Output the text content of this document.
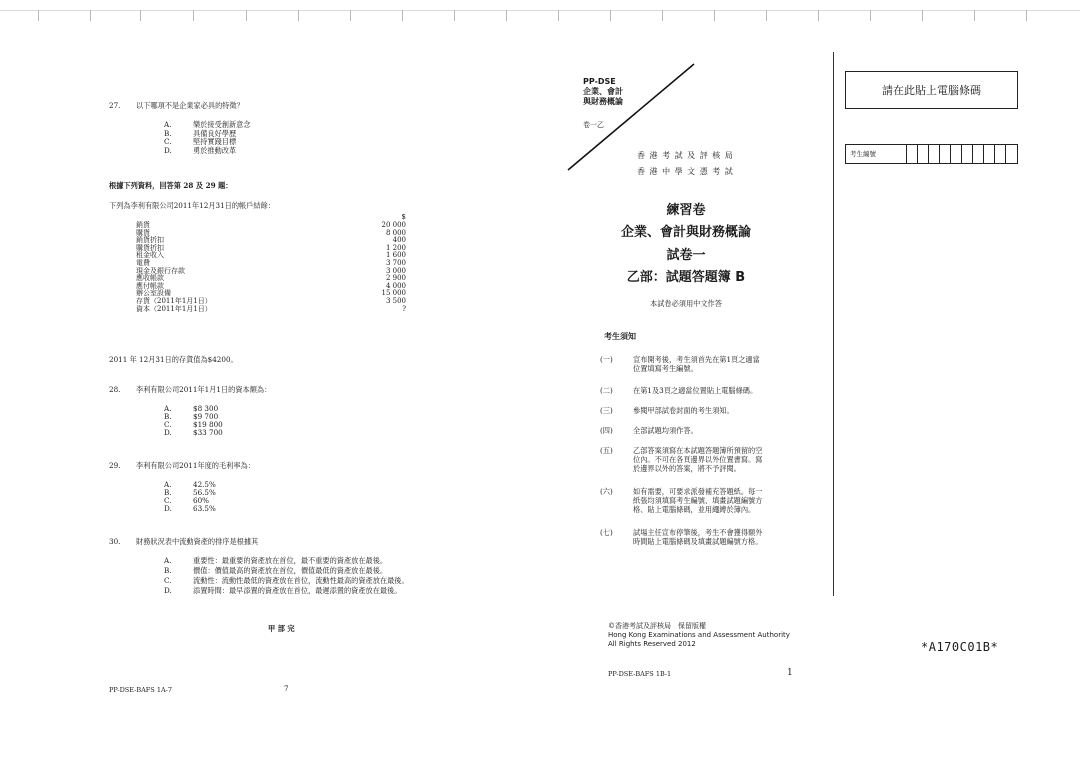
27.	以下哪項不是企業家必具的特徵？
A.	樂於接受創新意念
B.	具備良好學歷
C.	堅持實踐目標
D.	勇於推動改革
根據下列資料，回答第 28 及 29 題：
下列為李利有限公司2011年12月31日的帳戶結餘：
$
銷貨	20 000
購貨	8 000
銷貨折扣	400
購貨折扣	1 200
租金收入	1 600
電費	3 700
現金及銀行存款	3 000
應收帳款	2 900
應付帳款	4 000
辦公室設備	15 000
存貨（2011年1月1日）	3 500
資本（2011年1月1日）	?
2011 年 12月31日的存貨值為$4200。
28.	李利有限公司2011年1月1日的資本額為：
A.	$8 300
B.	$9 700
C.	$19 800
D.	$33 700
29.	李利有限公司2011年度的毛利率為：
A.	42.5%
B.	56.5%
C.	60%
D.	63.5%
30.	財務狀況表中流動資產的排序是根據其
A.	重要性：最重要的資產放在首位，最不重要的資產放在最後。
B.	價值：價值最高的資產放在首位，價值最低的資產放在最後。
C.	流動性：流動性最低的資產放在首位，流動性最高的資產放在最後。
D.	添置時間：最早添置的資產放在首位，最遲添置的資產放在最後。
甲 部 完
PP-DSE-BAFS 1A-7	7
PP-DSE
企業、會計
與財務概論
卷一乙
香 港 考 試 及 評 核 局
香 港 中 學 文 憑 考 試
請在此貼上電腦條碼
考生編號
練習卷
企業、會計與財務概論
試卷一
乙部：試題答題簿 B
本試卷必須用中文作答
考生須知
(一)	宣布開考後，考生須首先在第1頁之適當
位置填寫考生編號。
(二)	在第1及3頁之適當位置貼上電腦條碼。
(三)	參閱甲部試卷封面的考生須知。
(四)	全部試題均須作答。
(五)	乙部答案須寫在本試題答題簿所預留的空
位內。不可在各頁邊界以外位置書寫。寫
於邊界以外的答案，將不予評閱。
(六)	如有需要，可要求派發補充答題紙。每一
紙張均須填寫考生編號、填畫試題編號方
格、貼上電腦條碼，並用繩縛於簿內。
(七)	試場主任宣布停筆後，考生不會獲得額外
時間貼上電腦條碼及填畫試題編號方格。
©香港考試及評核局　保留版權
Hong Kong Examinations and Assessment Authority
All Rights Reserved 2012
PP-DSE-BAFS 1B-1	1
*A170C01B*
